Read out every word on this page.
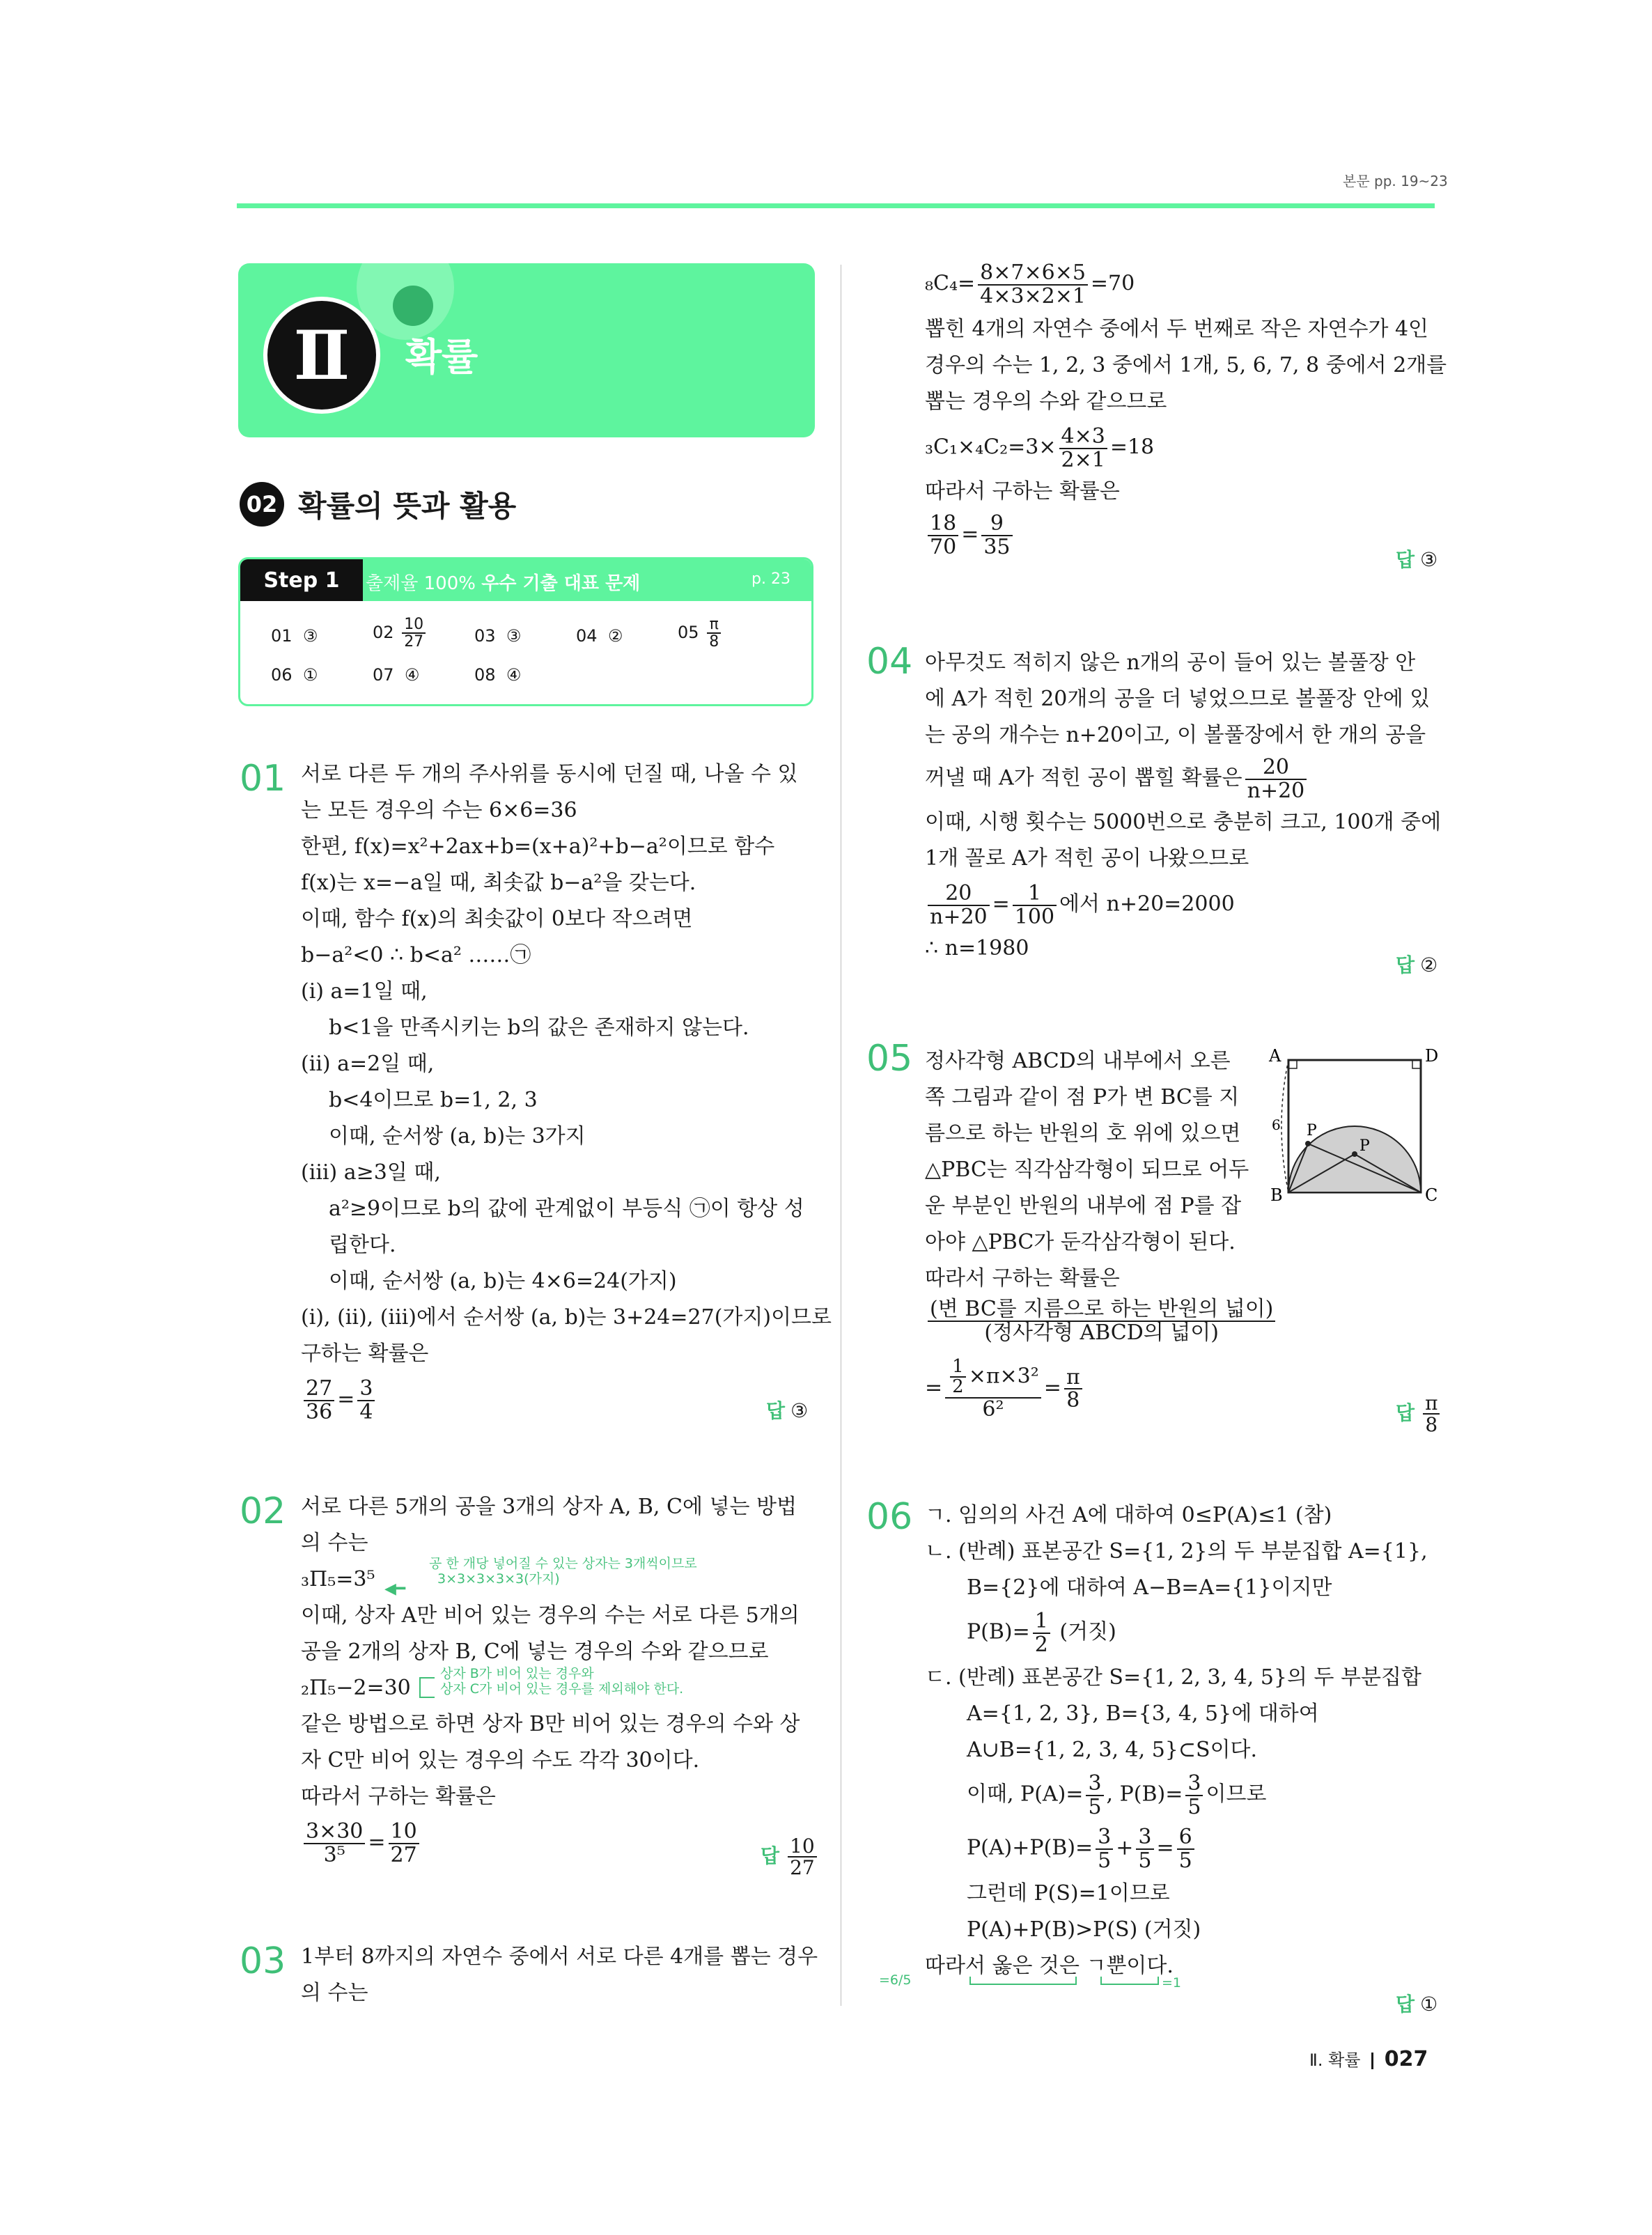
본문 pp. 19~23
Ⅱ 확률
02 확률의 뜻과 활용
Step 1 출제율 100% 우수 기출 대표 문제	p. 23
01 ③	$02 \frac{10}{27}$	03 ③	04 ②	$05 \frac{\pi}{8}$
06 ①	07 ④	08 ④
01 서로 다른 두 개의 주사위를 동시에 던질 때, 나올 수 있
는 모든 경우의 수는 6×6=36
한편, f(x)=x²+2ax+b=(x+a)²+b−a²이므로 함수
f(x)는 x=−a일 때, 최솟값 b−a²을 갖는다.
이때, 함수 f(x)의 최솟값이 0보다 작으려면
b−a²<0 ∴ b<a² ……㉠
(ⅰ) a=1일 때,
b<1을 만족시키는 b의 값은 존재하지 않는다.
(ⅱ) a=2일 때,
b<4이므로 b=1, 2, 3
이때, 순서쌍 (a, b)는 3가지
(ⅲ) a≥3일 때,
a²≥9이므로 b의 값에 관계없이 부등식 ㉠이 항상 성
립한다.
이때, 순서쌍 (a, b)는 4×6=24(가지)
(ⅰ), (ⅱ), (ⅲ)에서 순서쌍 (a, b)는 3+24=27(가지)이므로
구하는 확률은
$\frac{27}{36} = \frac{3}{4}$	답 ③
02 서로 다른 5개의 공을 3개의 상자 A, B, C에 넣는 방법
의 수는
₃Π₅=3⁵ ◀━
공 한 개당 넣어질 수 있는 상자는 3개씩이므로
3×3×3×3×3(가지)
이때, 상자 A만 비어 있는 경우의 수는 서로 다른 5개의
공을 2개의 상자 B, C에 넣는 경우의 수와 같으므로
₂Π₅−2=30
상자 B가 비어 있는 경우와
상자 C가 비어 있는 경우를 제외해야 한다.
같은 방법으로 하면 상자 B만 비어 있는 경우의 수와 상
자 C만 비어 있는 경우의 수도 각각 30이다.
따라서 구하는 확률은
$\frac{3\times 30}{\text{3⁵}} = \frac{10}{27}$	답 $\frac{10}{27}$
03 1부터 8까지의 자연수 중에서 서로 다른 4개를 뽑는 경우
의 수는
$_8C_4= \frac{8\times 7\times 6\times 5}{4\times 3\times 2\times 1} =70$
뽑힌 4개의 자연수 중에서 두 번째로 작은 자연수가 4인
경우의 수는 1, 2, 3 중에서 1개, 5, 6, 7, 8 중에서 2개를
뽑는 경우의 수와 같으므로
$_3C_1\times_4C_2=3\times \frac{4\times 3}{2\times 1} =18$
따라서 구하는 확률은
$\frac{18}{70} = \frac{9}{35}$
답 ③
04 아무것도 적히지 않은 n개의 공이 들어 있는 볼풀장 안
에 A가 적힌 20개의 공을 더 넣었으므로 볼풀장 안에 있
는 공의 개수는 n+20이고, 이 볼풀장에서 한 개의 공을
꺼낼 때 A가 적힌 공이 뽑힐 확률은 $\frac{20}{n+20}$
이때, 시행 횟수는 5000번으로 충분히 크고, 100개 중에
1개 꼴로 A가 적힌 공이 나왔으므로
$\frac{20}{n+20} = \frac{1}{100}$ 에서 n+20=2000
∴ n=1980
답 ②
05 정사각형 ABCD의 내부에서 오른
쪽 그림과 같이 점 P가 변 BC를 지
름으로 하는 반원의 호 위에 있으면
△PBC는 직각삼각형이 되므로 어두
운 부분인 반원의 내부에 점 P를 잡
아야 △PBC가 둔각삼각형이 된다.
따라서 구하는 확률은
$\frac{\text{(변 BC를 지름으로 하는 반원의 넓이)}}{\text{(정사각형 ABCD의 넓이)}}$
= $\frac{\frac{1}{2} \times\pi\times 3^2}{\text{6²}} = \frac{\pi}{8}$
답 $\frac{\pi}{8}$
A	D
B	C
P
P
6
06 ㄱ. 임의의 사건 A에 대하여 0≤P(A)≤1 (참)
ㄴ. (반례) 표본공간 S={1, 2}의 두 부분집합 A={1},
B={2}에 대하여 A−B=A={1}이지만
$P(B)= \frac{1}{2}$ (거짓)
ㄷ. (반례) 표본공간 S={1, 2, 3, 4, 5}의 두 부분집합
A={1, 2, 3}, B={3, 4, 5}에 대하여
A∪B={1, 2, 3, 4, 5}⊂S이다.
이때, $P(A)= \frac{3}{5}$ , $P(B)= \frac{3}{5}$ 이므로
$P(A)+P(B)= \frac{3}{5} + \frac{3}{5} = \frac{6}{5}$
그런데 P(S)=1이므로
P(A)+P(B)>P(S) (거짓)
따라서 옳은 것은 ㄱ뿐이다.
=6/5	=1
답 ①
Ⅱ. 확률 027
